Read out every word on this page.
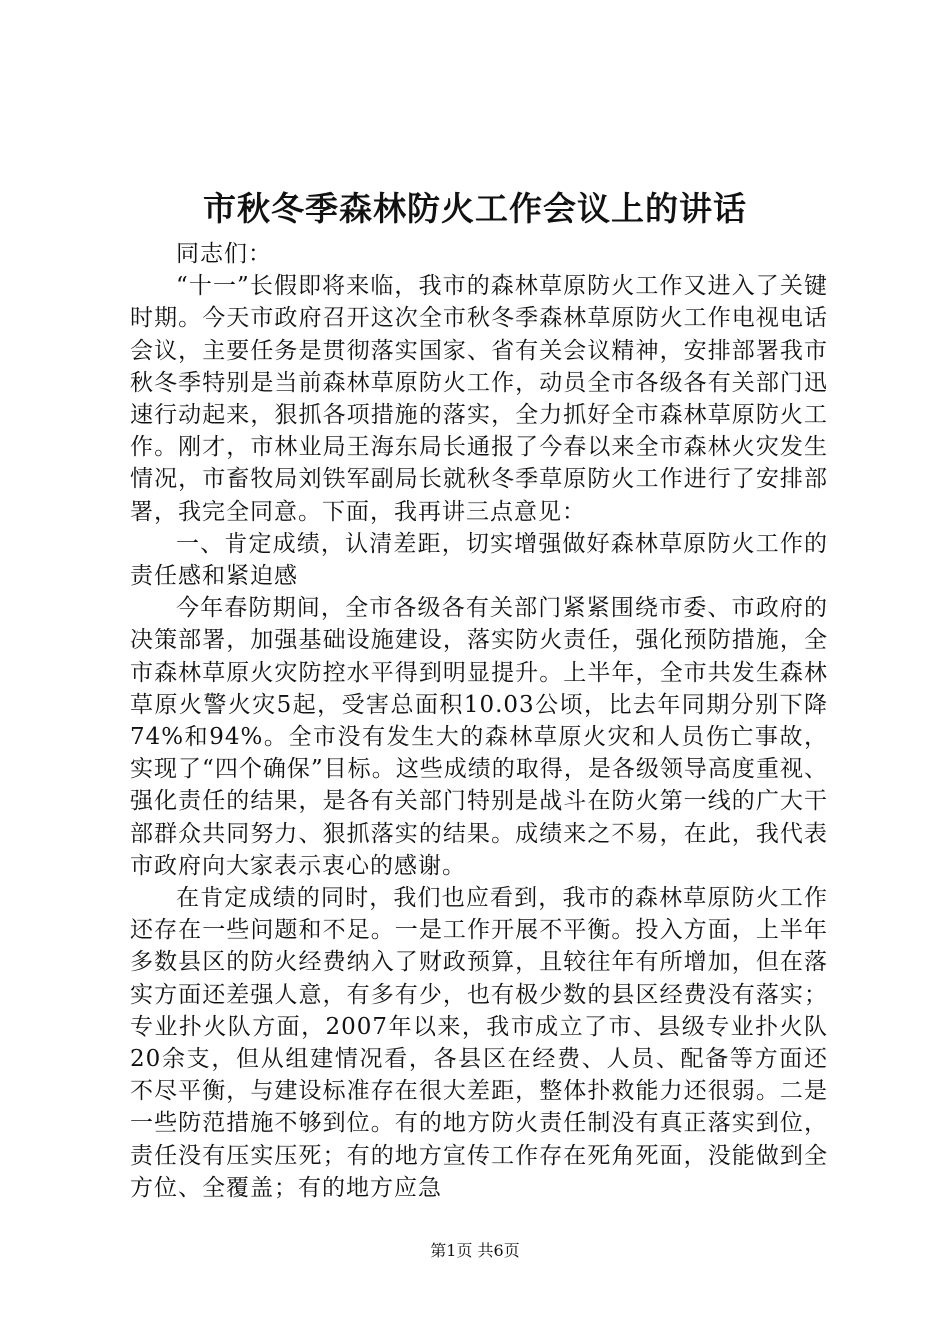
市秋冬季森林防火工作会议上的讲话

同志们：

“十一”长假即将来临，我市的森林草原防火工作又进入了关键时期。今天市政府召开这次全市秋冬季森林草原防火工作电视电话会议，主要任务是贯彻落实国家、省有关会议精神，安排部署我市秋冬季特别是当前森林草原防火工作，动员全市各级各有关部门迅速行动起来，狠抓各项措施的落实，全力抓好全市森林草原防火工作。刚才，市林业局王海东局长通报了今春以来全市森林火灾发生情况，市畜牧局刘铁军副局长就秋冬季草原防火工作进行了安排部署，我完全同意。下面，我再讲三点意见：

一、肯定成绩，认清差距，切实增强做好森林草原防火工作的责任感和紧迫感

今年春防期间，全市各级各有关部门紧紧围绕市委、市政府的决策部署，加强基础设施建设，落实防火责任，强化预防措施，全市森林草原火灾防控水平得到明显提升。上半年，全市共发生森林草原火警火灾5起，受害总面积10.03公顷，比去年同期分别下降74%和94%。全市没有发生大的森林草原火灾和人员伤亡事故，实现了“四个确保”目标。这些成绩的取得，是各级领导高度重视、强化责任的结果，是各有关部门特别是战斗在防火第一线的广大干部群众共同努力、狠抓落实的结果。成绩来之不易，在此，我代表市政府向大家表示衷心的感谢。

在肯定成绩的同时，我们也应看到，我市的森林草原防火工作还存在一些问题和不足。一是工作开展不平衡。投入方面，上半年多数县区的防火经费纳入了财政预算，且较往年有所增加，但在落实方面还差强人意，有多有少，也有极少数的县区经费没有落实；专业扑火队方面，2007年以来，我市成立了市、县级专业扑火队20余支，但从组建情况看，各县区在经费、人员、配备等方面还不尽平衡，与建设标准存在很大差距，整体扑救能力还很弱。二是一些防范措施不够到位。有的地方防火责任制没有真正落实到位，责任没有压实压死；有的地方宣传工作存在死角死面，没能做到全方位、全覆盖；有的地方应急

第1页 共6页
